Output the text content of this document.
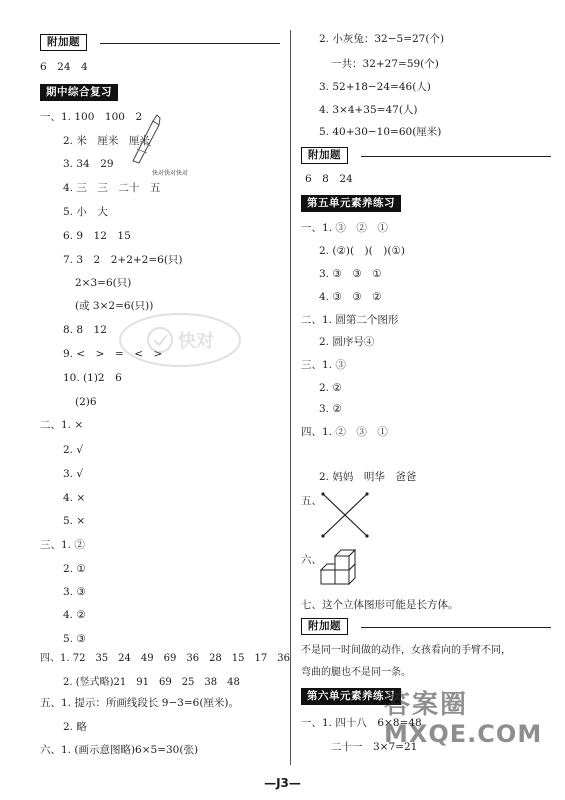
附加题
6　24　4
期中综合复习
一、1. 100　100　2
2. 米　厘米　厘米
3. 34　29
4. 三　三　二十　五
5. 小　大
6. 9　12　15
7. 3　2　2+2+2=6(只)
2×3=6(只)
(或 3×2=6(只))
8. 8　12
9. <　>　=　<　>
10. (1)2　6
(2)6
二、1. ×
2. √
3. √
4. ×
5. ×
三、1. ②
2. ①
3. ③
4. ②
5. ③
四、1. 72　35　24　49　69　36　28　15　17　36
2. (竖式略)21　91　69　25　38　48
五、1. 提示：所画线段长 9−3=6(厘米)。
2. 略
六、1. (画示意图略)6×5=30(张)
快对快对快对
快对
2. 小灰兔：32−5=27(个)
一共：32+27=59(个)
3. 52+18−24=46(人)
4. 3×4+35=47(人)
5. 40+30−10=60(厘米)
附加题
6　8　24
第五单元素养练习
一、1. ③　②　①
2. (②)(　)(　)(①)
3. ③　③　①
4. ③　③　②
二、1. 圆第二个图形
2. 圆序号④
三、1. ③
2. ②
3. ②
四、1. ②　③　①
2. 妈妈　明华　爸爸
五、
六、
七、这个立体图形可能是长方体。
附加题
不是同一时间做的动作，女孩看向的手臂不同，
弯曲的腿也不是同一条。
第六单元素养练习
一、1. 四十八　6×8=48
二十一　3×7=21
答案圈
MXQE.COM
—J3—
